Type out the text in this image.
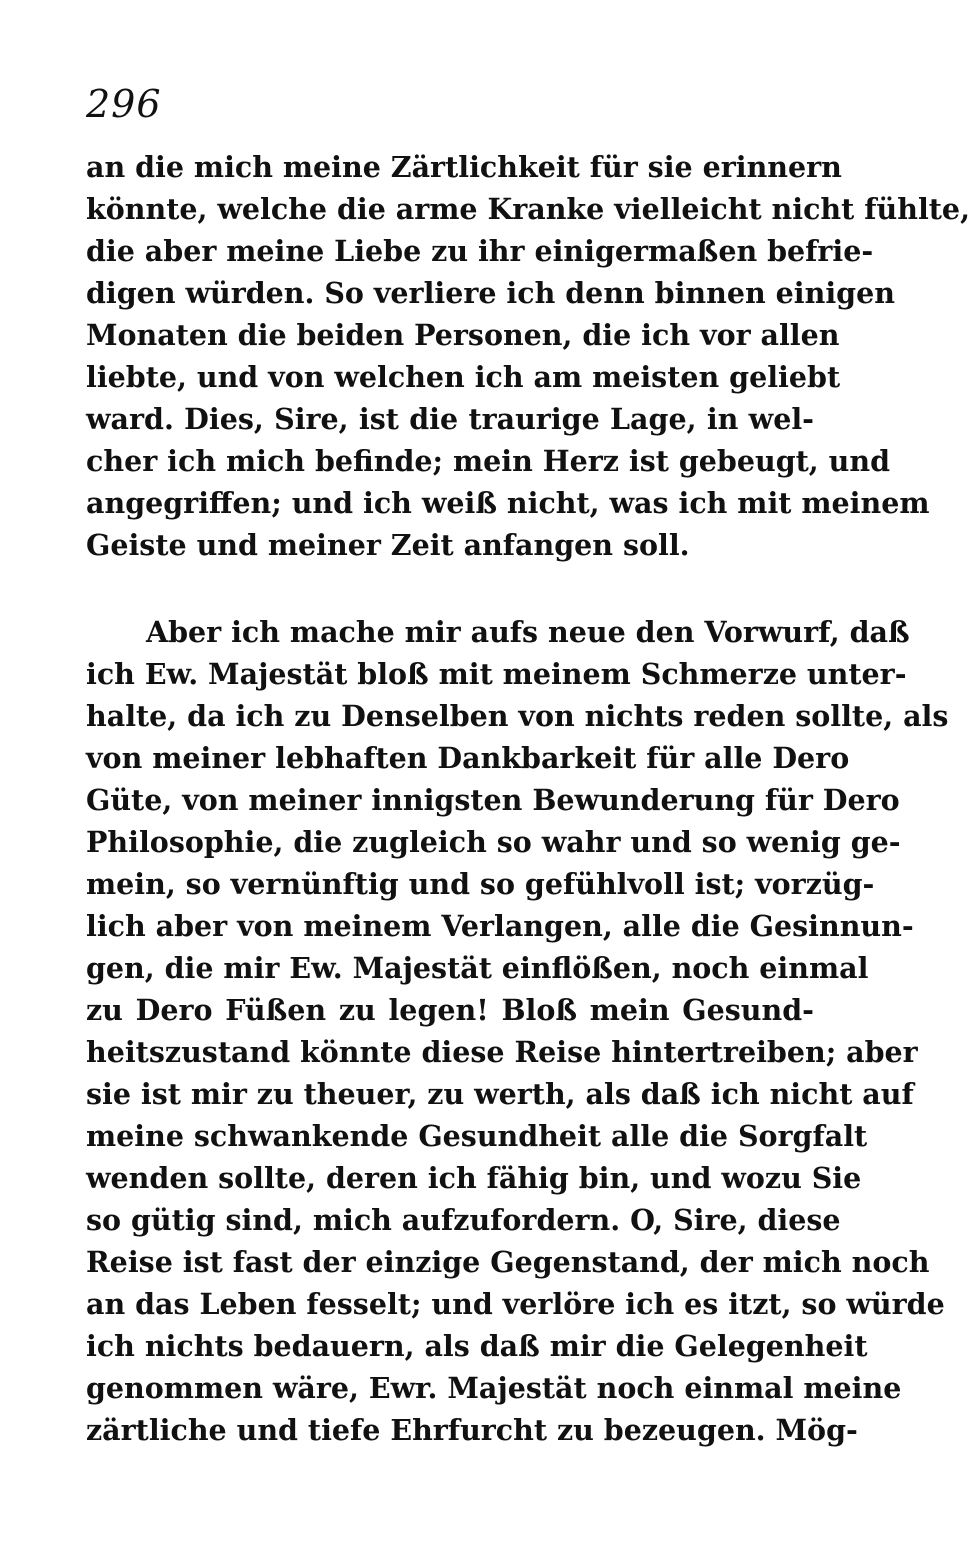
296
an die mich meine Zärtlichkeit für sie erinnern
könnte, welche die arme Kranke vielleicht nicht fühlte,
die aber meine Liebe zu ihr einigermaßen befrie-
digen würden. So verliere ich denn binnen einigen
Monaten die beiden Personen, die ich vor allen
liebte, und von welchen ich am meisten geliebt
ward. Dies, Sire, ist die traurige Lage, in wel-
cher ich mich befinde; mein Herz ist gebeugt, und
angegriffen; und ich weiß nicht, was ich mit meinem
Geiste und meiner Zeit anfangen soll.
Aber ich mache mir aufs neue den Vorwurf, daß
ich Ew. Majestät bloß mit meinem Schmerze unter-
halte, da ich zu Denselben von nichts reden sollte, als
von meiner lebhaften Dankbarkeit für alle Dero
Güte, von meiner innigsten Bewunderung für Dero
Philosophie, die zugleich so wahr und so wenig ge-
mein, so vernünftig und so gefühlvoll ist; vorzüg-
lich aber von meinem Verlangen, alle die Gesinnun-
gen, die mir Ew. Majestät einflößen, noch einmal
zu Dero Füßen zu legen! Bloß mein Gesund-
heitszustand könnte diese Reise hintertreiben; aber
sie ist mir zu theuer, zu werth, als daß ich nicht auf
meine schwankende Gesundheit alle die Sorgfalt
wenden sollte, deren ich fähig bin, und wozu Sie
so gütig sind, mich aufzufordern. O, Sire, diese
Reise ist fast der einzige Gegenstand, der mich noch
an das Leben fesselt; und verlöre ich es itzt, so würde
ich nichts bedauern, als daß mir die Gelegenheit
genommen wäre, Ewr. Majestät noch einmal meine
zärtliche und tiefe Ehrfurcht zu bezeugen. Mög-
